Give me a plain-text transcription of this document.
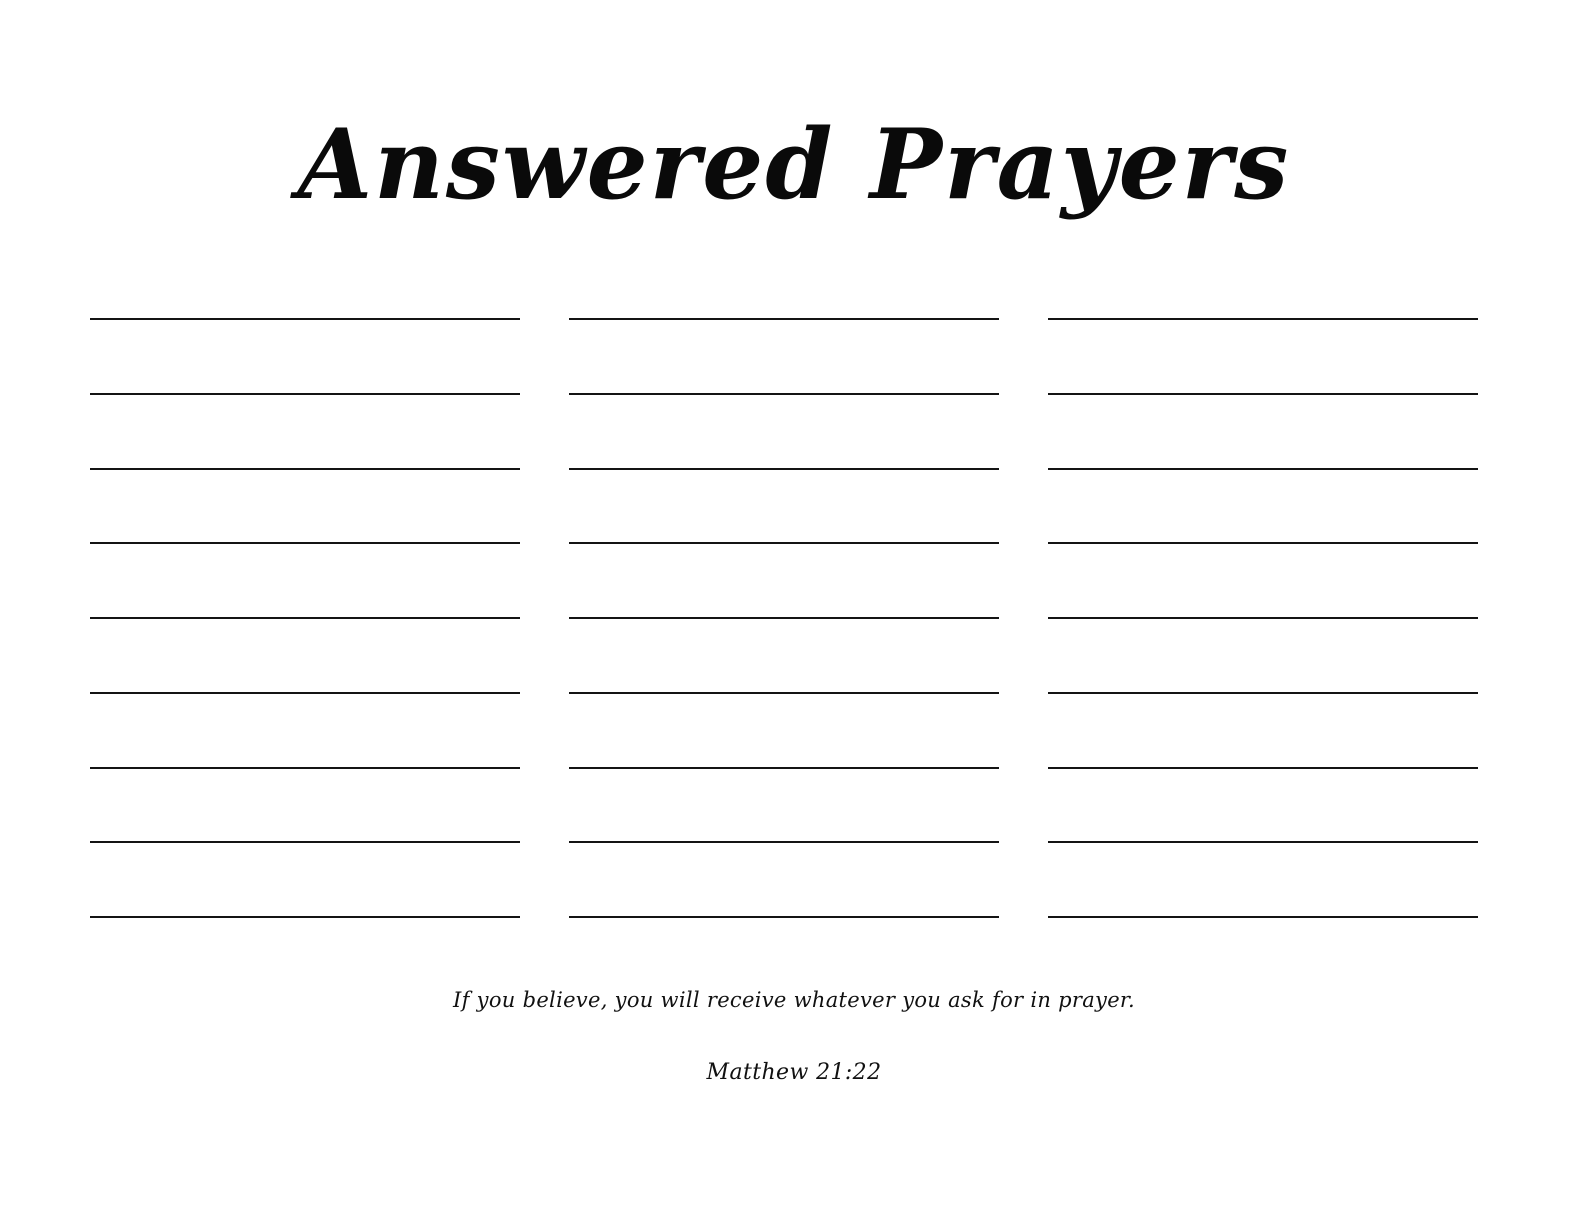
Answered Prayers
If you believe, you will receive whatever you ask for in prayer.
Matthew 21:22
